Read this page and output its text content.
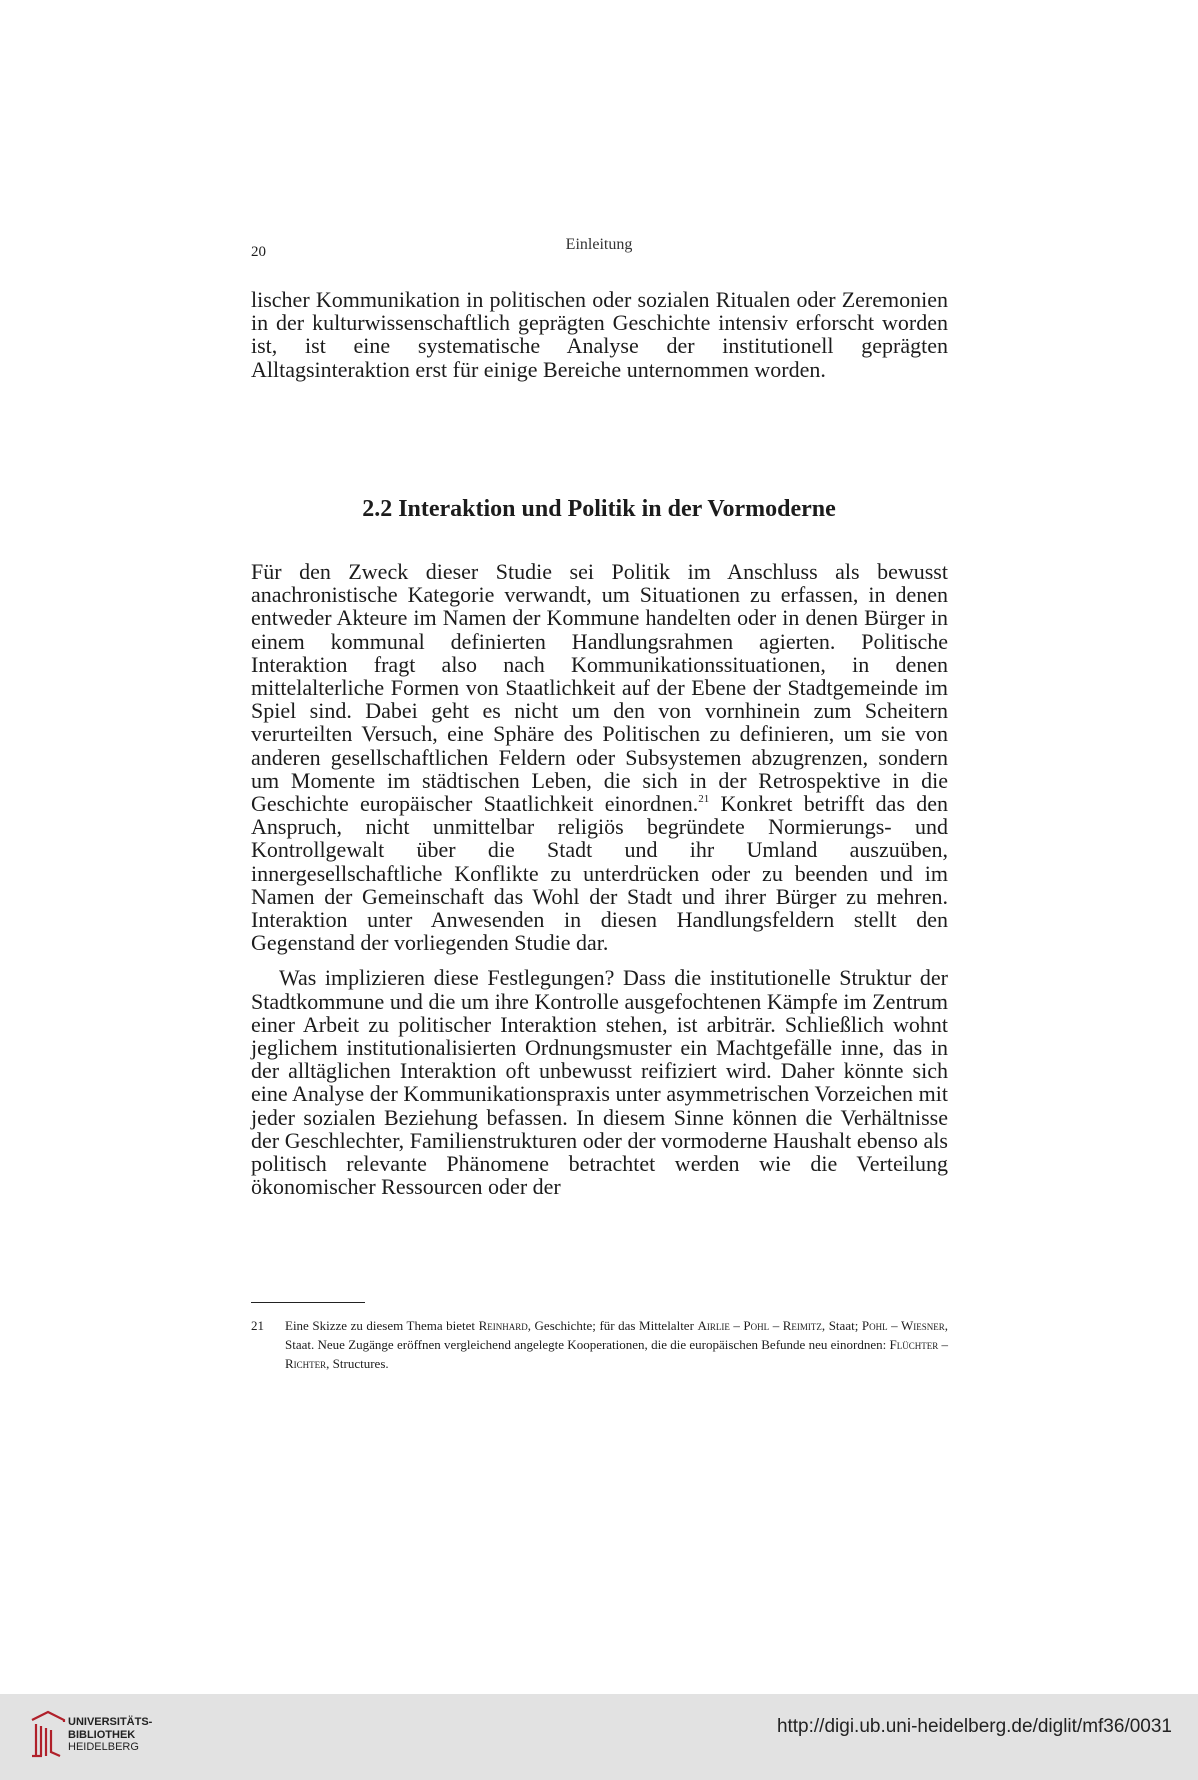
20	Einleitung

lischer Kommunikation in politischen oder sozialen Ritualen oder Zeremonien in der kulturwissenschaftlich geprägten Geschichte intensiv erforscht worden ist, ist eine systematische Analyse der institutionell geprägten Alltagsinteraktion erst für einige Bereiche unternommen worden.

2.2 Interaktion und Politik in der Vormoderne

Für den Zweck dieser Studie sei Politik im Anschluss als bewusst anachronistische Kategorie verwandt, um Situationen zu erfassen, in denen entweder Akteure im Namen der Kommune handelten oder in denen Bürger in einem kommunal definierten Handlungsrahmen agierten. Politische Interaktion fragt also nach Kommunikationssituationen, in denen mittelalterliche Formen von Staatlichkeit auf der Ebene der Stadtgemeinde im Spiel sind. Dabei geht es nicht um den von vornhinein zum Scheitern verurteilten Versuch, eine Sphäre des Politischen zu definieren, um sie von anderen gesellschaftlichen Feldern oder Subsystemen abzugrenzen, sondern um Momente im städtischen Leben, die sich in der Retrospektive in die Geschichte europäischer Staatlichkeit einordnen.$^{21}$ Konkret betrifft das den Anspruch, nicht unmittelbar religiös begründete Normierungs- und Kontrollgewalt über die Stadt und ihr Umland auszuüben, innergesellschaftliche Konflikte zu unterdrücken oder zu beenden und im Namen der Gemeinschaft das Wohl der Stadt und ihrer Bürger zu mehren. Interaktion unter Anwesenden in diesen Handlungsfeldern stellt den Gegenstand der vorliegenden Studie dar.

Was implizieren diese Festlegungen? Dass die institutionelle Struktur der Stadtkommune und die um ihre Kontrolle ausgefochtenen Kämpfe im Zentrum einer Arbeit zu politischer Interaktion stehen, ist arbiträr. Schließlich wohnt jeglichem institutionalisierten Ordnungsmuster ein Machtgefälle inne, das in der alltäglichen Interaktion oft unbewusst reifiziert wird. Daher könnte sich eine Analyse der Kommunikationspraxis unter asymmetrischen Vorzeichen mit jeder sozialen Beziehung befassen. In diesem Sinne können die Verhältnisse der Geschlechter, Familienstrukturen oder der vormoderne Haushalt ebenso als politisch relevante Phänomene betrachtet werden wie die Verteilung ökonomischer Ressourcen oder der

21 Eine Skizze zu diesem Thema bietet Reinhard, Geschichte; für das Mittelalter Airlie – Pohl – Reimitz, Staat; Pohl – Wiesner, Staat. Neue Zugänge eröffnen vergleichend angelegte Kooperationen, die die europäischen Befunde neu einordnen: Flüchter – Richter, Structures.
UNIVERSITÄTS-
BIBLIOTHEK
HEIDELBERG
http://digi.ub.uni-heidelberg.de/diglit/mf36/0031
